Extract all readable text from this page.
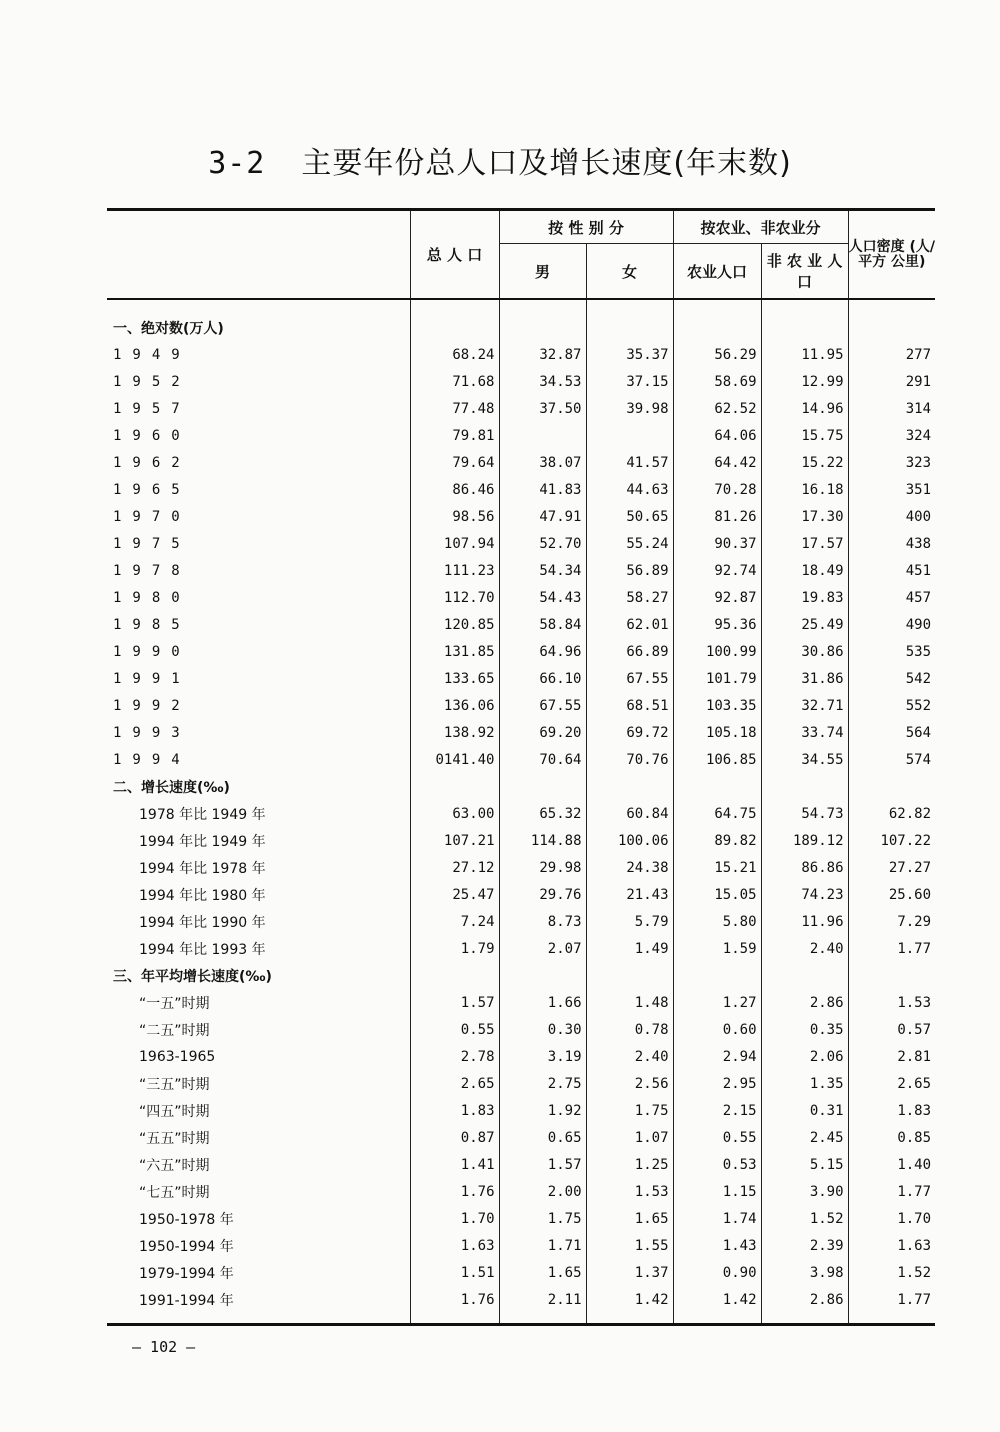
3-2 主要年份总人口及增长速度(年末数)
	总 人 口	按 性 别 分		按农业、非农业分		人口密度 (人/平方 公里)
		男	女	农业人口	非 农 业 人 口	
一、绝对数(万人)						
1949	68.24	32.87	35.37	56.29	11.95	277
1952	71.68	34.53	37.15	58.69	12.99	291
1957	77.48	37.50	39.98	62.52	14.96	314
1960	79.81			64.06	15.75	324
1962	79.64	38.07	41.57	64.42	15.22	323
1965	86.46	41.83	44.63	70.28	16.18	351
1970	98.56	47.91	50.65	81.26	17.30	400
1975	107.94	52.70	55.24	90.37	17.57	438
1978	111.23	54.34	56.89	92.74	18.49	451
1980	112.70	54.43	58.27	92.87	19.83	457
1985	120.85	58.84	62.01	95.36	25.49	490
1990	131.85	64.96	66.89	100.99	30.86	535
1991	133.65	66.10	67.55	101.79	31.86	542
1992	136.06	67.55	68.51	103.35	32.71	552
1993	138.92	69.20	69.72	105.18	33.74	564
1994	0141.40	70.64	70.76	106.85	34.55	574
二、增长速度(‰)						
1978 年比 1949 年	63.00	65.32	60.84	64.75	54.73	62.82
1994 年比 1949 年	107.21	114.88	100.06	89.82	189.12	107.22
1994 年比 1978 年	27.12	29.98	24.38	15.21	86.86	27.27
1994 年比 1980 年	25.47	29.76	21.43	15.05	74.23	25.60
1994 年比 1990 年	7.24	8.73	5.79	5.80	11.96	7.29
1994 年比 1993 年	1.79	2.07	1.49	1.59	2.40	1.77
三、年平均增长速度(‰)						
“一五”时期	1.57	1.66	1.48	1.27	2.86	1.53
“二五”时期	0.55	0.30	0.78	0.60	0.35	0.57
1963-1965	2.78	3.19	2.40	2.94	2.06	2.81
“三五”时期	2.65	2.75	2.56	2.95	1.35	2.65
“四五”时期	1.83	1.92	1.75	2.15	0.31	1.83
“五五”时期	0.87	0.65	1.07	0.55	2.45	0.85
“六五”时期	1.41	1.57	1.25	0.53	5.15	1.40
“七五”时期	1.76	2.00	1.53	1.15	3.90	1.77
1950-1978 年	1.70	1.75	1.65	1.74	1.52	1.70
1950-1994 年	1.63	1.71	1.55	1.43	2.39	1.63
1979-1994 年	1.51	1.65	1.37	0.90	3.98	1.52
1991-1994 年	1.76	2.11	1.42	1.42	2.86	1.77
— 102 —
